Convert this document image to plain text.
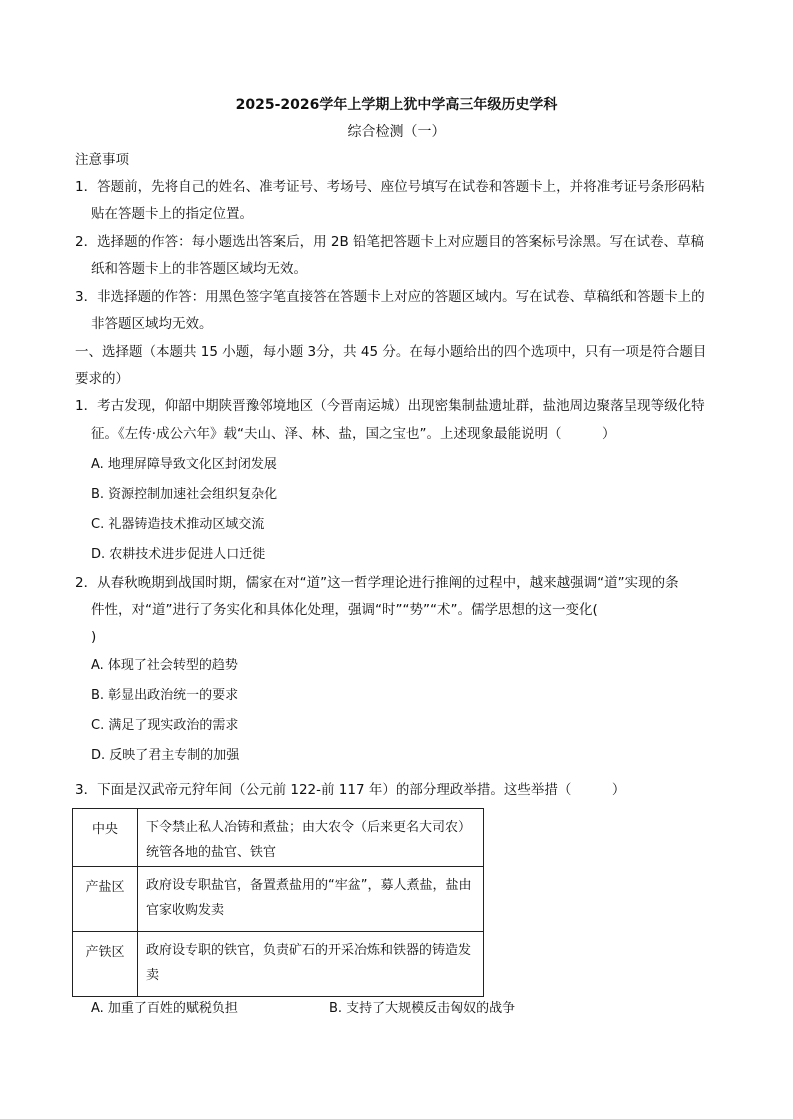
2025-2026学年上学期上犹中学高三年级历史学科
综合检测（一）
注意事项
1．答题前，先将自己的姓名、准考证号、考场号、座位号填写在试卷和答题卡上，并将准考证号条形码粘
贴在答题卡上的指定位置。
2．选择题的作答：每小题选出答案后，用 2B 铅笔把答题卡上对应题目的答案标号涂黑。写在试卷、草稿
纸和答题卡上的非答题区域均无效。
3．非选择题的作答：用黑色签字笔直接答在答题卡上对应的答题区域内。写在试卷、草稿纸和答题卡上的
非答题区域均无效。
一、选择题（本题共 15 小题，每小题 3分，共 45 分。在每小题给出的四个选项中，只有一项是符合题目
要求的）
1．考古发现，仰韶中期陕晋豫邻境地区（今晋南运城）出现密集制盐遗址群，盐池周边聚落呈现等级化特
征。《左传·成公六年》载“夫山、泽、林、盐，国之宝也”。上述现象最能说明（　　　）
A. 地理屏障导致文化区封闭发展
B. 资源控制加速社会组织复杂化
C. 礼器铸造技术推动区域交流
D. 农耕技术进步促进人口迁徙
2．从春秋晚期到战国时期，儒家在对“道”这一哲学理论进行推阐的过程中，越来越强调“道”实现的条
件性，对“道”进行了务实化和具体化处理，强调“时”“势”“术”。儒学思想的这一变化(
)
A. 体现了社会转型的趋势
B. 彰显出政治统一的要求
C. 满足了现实政治的需求
D. 反映了君主专制的加强
3．下面是汉武帝元狩年间（公元前 122-前 117 年）的部分理政举措。这些举措（　　　）
中央	下令禁止私人冶铸和煮盐；由大农令（后来更名大司农）统管各地的盐官、铁官
产盐区	政府设专职盐官，备置煮盐用的“牢盆”，募人煮盐，盐由官家收购发卖
产铁区	政府设专职的铁官，负责矿石的开采冶炼和铁器的铸造发卖
A. 加重了百姓的赋税负担	B. 支持了大规模反击匈奴的战争
